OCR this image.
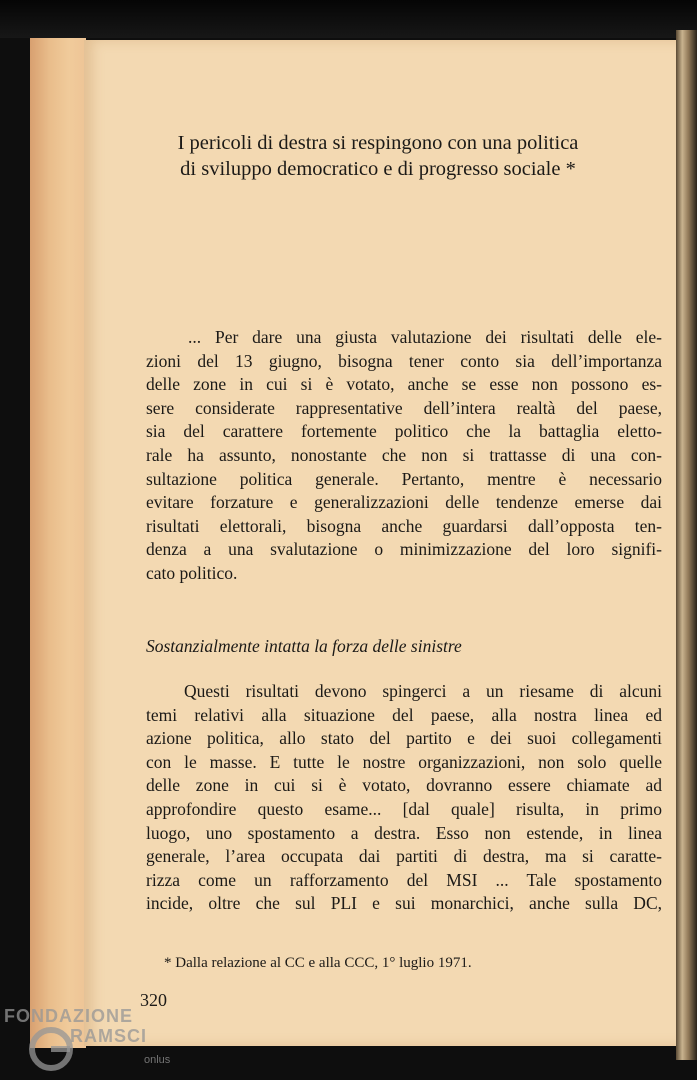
I pericoli di destra si respingono con una politica
di sviluppo democratico e di progresso sociale *
... Per dare una giusta valutazione dei risultati delle ele-
zioni del 13 giugno, bisogna tener conto sia dell’importanza
delle zone in cui si è votato, anche se esse non possono es-
sere considerate rappresentative dell’intera realtà del paese,
sia del carattere fortemente politico che la battaglia eletto-
rale ha assunto, nonostante che non si trattasse di una con-
sultazione politica generale. Pertanto, mentre è necessario
evitare forzature e generalizzazioni delle tendenze emerse dai
risultati elettorali, bisogna anche guardarsi dall’opposta ten-
denza a una svalutazione o minimizzazione del loro signifi-
cato politico.
Sostanzialmente intatta la forza delle sinistre
Questi risultati devono spingerci a un riesame di alcuni
temi relativi alla situazione del paese, alla nostra linea ed
azione politica, allo stato del partito e dei suoi collegamenti
con le masse. E tutte le nostre organizzazioni, non solo quelle
delle zone in cui si è votato, dovranno essere chiamate ad
approfondire questo esame... [dal quale] risulta, in primo
luogo, uno spostamento a destra. Esso non estende, in linea
generale, l’area occupata dai partiti di destra, ma si caratte-
rizza come un rafforzamento del MSI ... Tale spostamento
incide, oltre che sul PLI e sui monarchici, anche sulla DC,
* Dalla relazione al CC e alla CCC, 1° luglio 1971.
320
FONDAZIONE
RAMSCI
onlus
